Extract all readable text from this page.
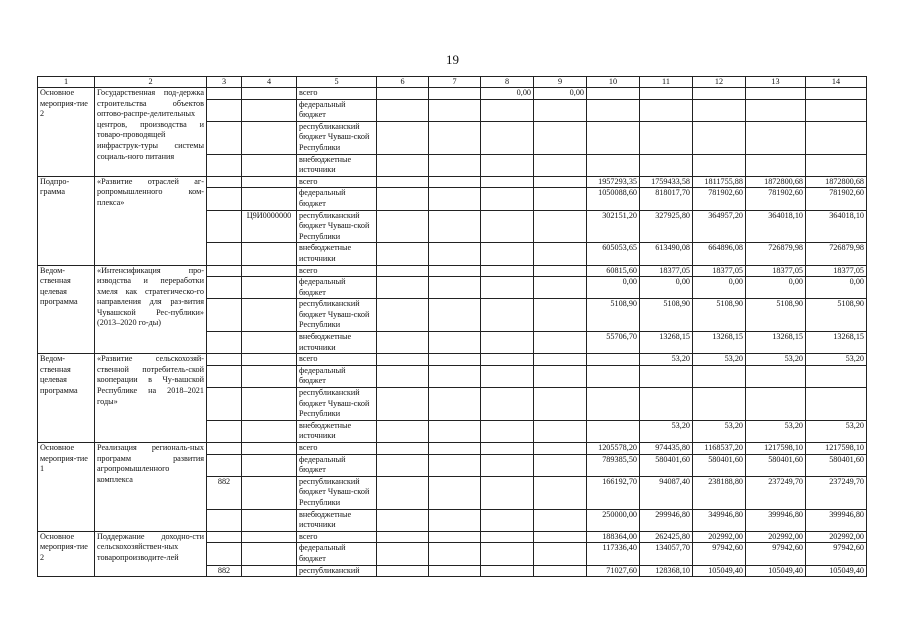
19
1	2	3	4	5	6	7	8	9	10	11	12	13	14
Основное мероприя-тие 2	Государственная под-держка строительства объектов оптово-распре-делительных центров, производства и товаро-проводящей инфраструк-туры системы социаль-ного питания			всего			0,00	0,00					
				федеральный бюджет									
				республиканский бюджет Чуваш-ской Республики									
				внебюджетные источники									
Подпро-грамма	«Развитие отраслей аг-ропромышленного ком-плекса»			всего					1957293,35	1759433,58	1811755,88	1872800,68	1872800,68
				федеральный бюджет					1050088,60	818017,70	781902,60	781902,60	781902,60
			Ц9И0000000	республиканский бюджет Чуваш-ской Республики					302151,20	327925,80	364957,20	364018,10	364018,10
				внебюджетные источники					605053,65	613490,08	664896,08	726879,98	726879,98
Ведом-ственная целевая программа	«Интенсификация про-изводства и переработки хмеля как стратегическо-го направления для раз-вития Чувашской Рес-публики» (2013–2020 го-ды)			всего					60815,60	18377,05	18377,05	18377,05	18377,05
				федеральный бюджет					0,00	0,00	0,00	0,00	0,00
				республиканский бюджет Чуваш-ской Республики					5108,90	5108,90	5108,90	5108,90	5108,90
				внебюджетные источники					55706,70	13268,15	13268,15	13268,15	13268,15
Ведом-ственная целевая программа	«Развитие сельскохозяй-ственной потребитель-ской кооперации в Чу-вашской Республике на 2018–2021 годы»			всего						53,20	53,20	53,20	53,20
				федеральный бюджет									
				республиканский бюджет Чуваш-ской Республики									
				внебюджетные источники						53,20	53,20	53,20	53,20
Основное мероприя-тие 1	Реализация региональ-ных программ развития агропромышленного комплекса			всего					1205578,20	974435,80	1168537,20	1217598,10	1217598,10
				федеральный бюджет					789385,50	580401,60	580401,60	580401,60	580401,60
		882		республиканский бюджет Чуваш-ской Республики					166192,70	94087,40	238188,80	237249,70	237249,70
				внебюджетные источники					250000,00	299946,80	349946,80	399946,80	399946,80
Основное мероприя-тие 2	Поддержание доходно-сти сельскохозяйствен-ных товаропроизводите-лей			всего					188364,00	262425,80	202992,00	202992,00	202992,00
				федеральный бюджет					117336,40	134057,70	97942,60	97942,60	97942,60
		882		республиканский					71027,60	128368,10	105049,40	105049,40	105049,40
